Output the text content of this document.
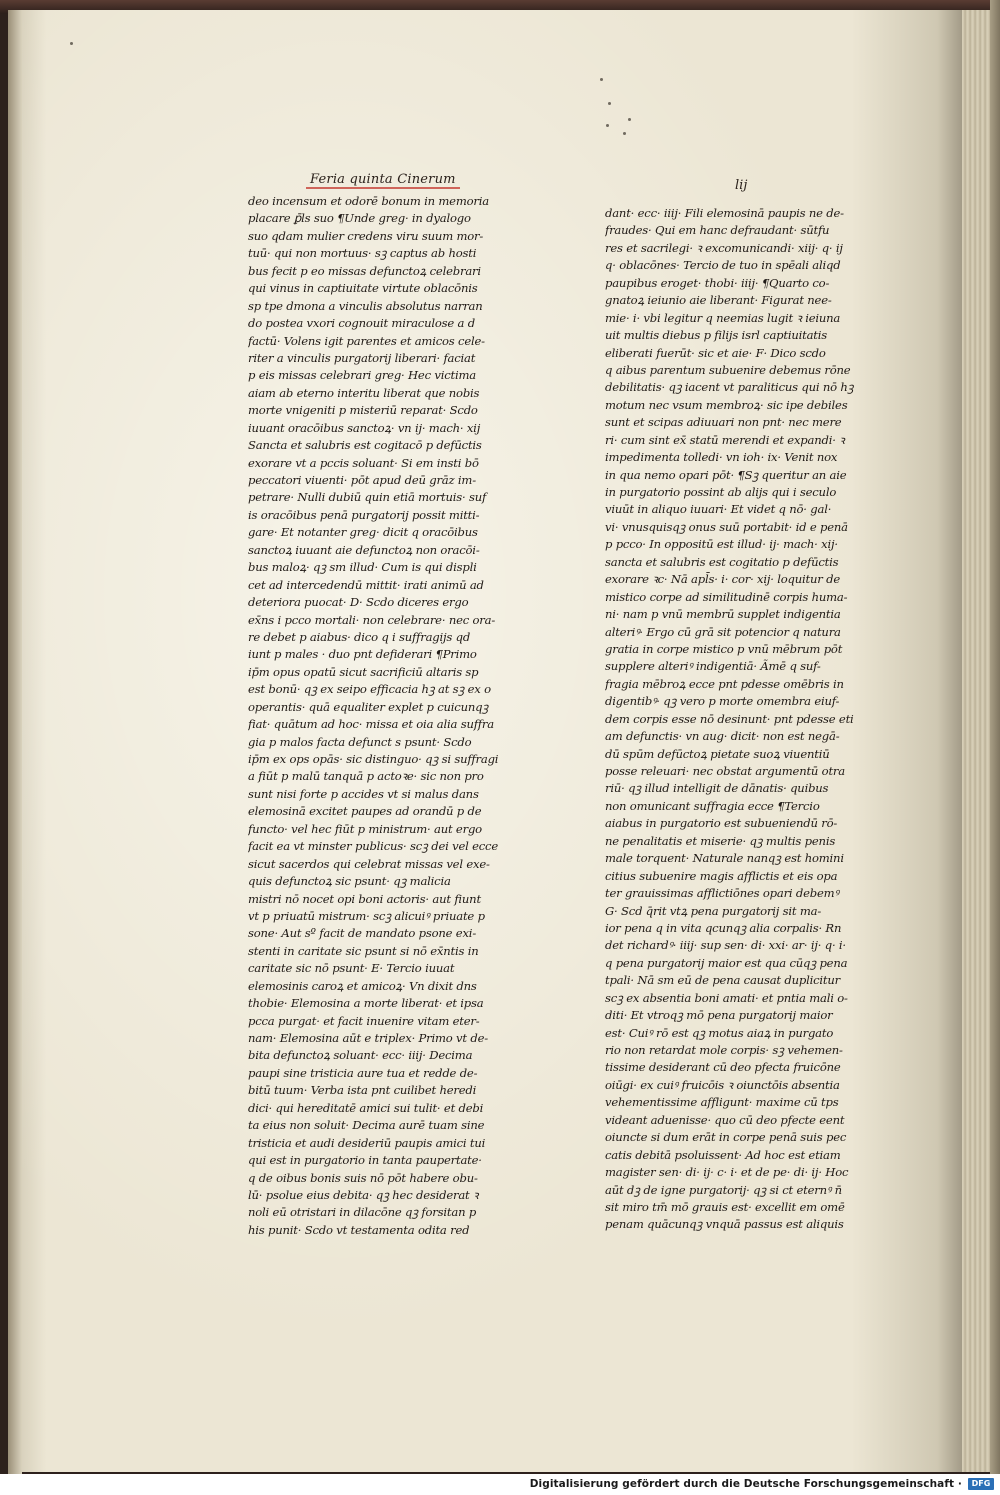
Feria quinta Cinerum	lij
deo incensum et odorē bonum in memoria
placare ꝑ̄ls suo ¶Unde greg· in dyalogo
suo qdam mulier credens viru suum mor-
tuū· qui non mortuus· sꝫ captus ab hosti
bus fecit p eo missas defunctoꝝ celebrari
qui vinus in captiuitate virtute oblacōnis
sp tpe dmona a vinculis absolutus narran
do postea vxori cognouit miraculose a d
factū· Volens igit parentes et amicos cele-
riter a vinculis purgatorij liberari· faciat
p eis missas celebrari greg· Hec victima
aiam ab eterno interitu liberat que nobis
morte vnigeniti p misteriū reparat· Scdo
iuuant oracōibus sanctoꝝ· vn ij· mach· xij
Sancta et salubris est cogitacō p defūctis
exorare vt a pccis soluant· Si em insti bō
peccatori viuenti· pōt apud deū grāz im-
petrare· Nulli dubiū quin etiā mortuis· suf
is oracōibus penā purgatorij possit mitti-
gare· Et notanter greg· dicit q oracōibus
sanctoꝝ iuuant aie defunctoꝝ non oracōi-
bus maloꝝ· qꝫ sm illud· Cum is qui displi
cet ad intercedendū mittit· irati animū ad
deteriora puocat· D· Scdo diceres ergo
ex̄ns i pcco mortali· non celebrare· nec ora-
re debet p aiabus· dico q i suffragijs qd
iunt p males · duo pnt defiderari ¶Primo
ip̄m opus opatū sicut sacrificiū altaris sp
est bonū· qꝫ ex seipo efficacia hꝫ at sꝫ ex o
operantis· quā equaliter explet p cuicunqꝫ
fiat· quātum ad hoc· missa et oia alia suffra
gia p malos facta defunct s psunt· Scdo
ip̄m ex ops opās· sic distinguo· qꝫ si suffragi
a fiūt p malū tanquā p actoꝛe· sic non pro
sunt nisi forte p accides vt si malus dans
elemosinā excitet paupes ad orandū p de
functo· vel hec fiūt p ministrum· aut ergo
facit ea vt minster publicus· scꝫ dei vel ecce
sicut sacerdos qui celebrat missas vel exe-
quis defunctoꝝ sic psunt· qꝫ malicia
mistri nō nocet opi boni actoris· aut fiunt
vt p priuatū mistrum· scꝫ alicuiꝰ priuate p
sone· Aut sº facit de mandato psone exi-
stenti in caritate sic psunt si nō ex̄ntis in
caritate sic nō psunt· E· Tercio iuuat
elemosinis caroꝝ et amicoꝝ· Vn dixit dns
thobie· Elemosina a morte liberat· et ipsa
pcca purgat· et facit inuenire vitam eter-
nam· Elemosina aūt e triplex· Primo vt de-
bita defunctoꝝ soluant· ecc· iiij· Decima
paupi sine tristicia aure tua et redde de-
bitū tuum· Verba ista pnt cuilibet heredi
dici· qui hereditatē amici sui tulit· et debi
ta eius non soluit· Decima aurē tuam sine
tristicia et audi desideriū paupis amici tui
qui est in purgatorio in tanta paupertate·
q de oibus bonis suis nō pōt habere obu-
lū· psolue eius debita· qꝫ hec desiderat ꝛ
noli eū otristari in dilacōne qꝫ forsitan p
his punit· Scdo vt testamenta odita red
dant· ecc· iiij· Fili elemosinā paupis ne de-
fraudes· Qui em hanc defraudant· sūtfu
res et sacrilegi· ꝛ excomunicandi· xiij· q· ij
q· oblacōnes· Tercio de tuo in spēali aliqd
paupibus eroget· thobi· iiij· ¶Quarto co-
gnatoꝝ ieiunio aie liberant· Figurat nee-
mie· i· vbi legitur q neemias lugit ꝛ ieiuna
uit multis diebus p filijs isrl captiuitatis
eliberati fuerūt· sic et aie· F· Dico scdo
q aibus parentum subuenire debemus rōne
debilitatis· qꝫ iacent vt paraliticus qui nō hꝫ
motum nec vsum membroꝝ· sic ipe debiles
sunt et scipas adiuuari non pnt· nec mere
ri· cum sint ex̄ statū merendi et expandi· ꝛ
impedimenta tolledi· vn ioh· ix· Venit nox
in qua nemo opari pōt· ¶Sꝫ queritur an aie
in purgatorio possint ab alijs qui i seculo
viuūt in aliquo iuuari· Et videt q nō· gal·
vi· vnusquisqꝫ onus suū portabit· id e penā
p pcco· In oppositū est illud· ij· mach· xij·
sancta et salubris est cogitatio p defūctis
exorare ꝛc· Nā apl̄s· i· cor· xij· loquitur de
mistico corpe ad similitudinē corpis huma-
ni· nam p vnū membrū supplet indigentia
alteriꝰ· Ergo cū grā sit potencior q natura
gratia in corpe mistico p vnū mēbrum pōt
supplere alteriꝰ indigentiā· Ãmē q suf-
fragia mēbroꝝ ecce pnt pdesse omēbris in
digentibꝰ· qꝫ vero p morte omembra eiuf-
dem corpis esse nō desinunt· pnt pdesse eti
am defunctis· vn aug· dicit· non est negā-
dū spūm defūctoꝝ pietate suoꝝ viuentiū
posse releuari· nec obstat argumentū otra
riū· qꝫ illud intelligit de dānatis· quibus
non omunicant suffragia ecce ¶Tercio
aiabus in purgatorio est subueniendū rō-
ne penalitatis et miserie· qꝫ multis penis
male torquent· Naturale nanqꝫ est homini
citius subuenire magis afflictis et eis opa
ter grauissimas afflictiōnes opari debemꝰ
G· Scd q̄rit vtꝝ pena purgatorij sit ma-
ior pena q in vita qcunqꝫ alia corpalis· Rn
det richardꝰ· iiij· sup sen· di· xxi· ar· ij· q· i·
q pena purgatorij maior est qua cūqꝫ pena
tpali· Nā sm eū de pena causat duplicitur
scꝫ ex absentia boni amati· et pntia mali o-
diti· Et vtroqꝫ mō pena purgatorij maior
est· Cuiꝰ rō est qꝫ motus aiaꝝ in purgato
rio non retardat mole corpis· sꝫ vehemen-
tissime desiderant cū deo pfecta fruicōne
oiūgi· ex cuiꝰ fruicōis ꝛ oiunctōis absentia
vehementissime affligunt· maxime cū tps
videant aduenisse· quo cū deo pfecte eent
oiuncte si dum erāt in corpe penā suis pec
catis debitā psoluissent· Ad hoc est etiam
magister sen· di· ij· c· i· et de pe· di· ij· Hoc
aūt dꝫ de igne purgatorij· qꝫ si ct eternꝰ n̄
sit miro tm̄ mō grauis est· excellit em omē
penam quācunqꝫ vnquā passus est aliquis
Digitalisierung gefördert durch die Deutsche Forschungsgemeinschaft ·	DFG
